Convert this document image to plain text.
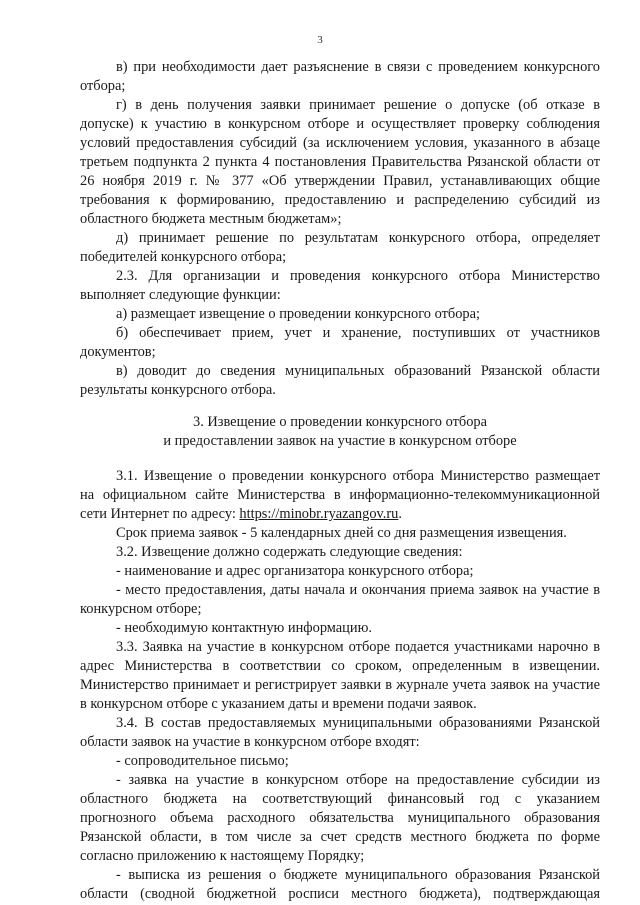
3
в) при необходимости дает разъяснение в связи с проведением конкурсного
отбора;
г) в день получения заявки принимает решение о допуске (об отказе в
допуске) к участию в конкурсном отборе и осуществляет проверку соблюдения
условий предоставления субсидий (за исключением условия, указанного в абзаце
третьем подпункта 2 пункта 4 постановления Правительства Рязанской области от
26 ноября 2019 г. № 377 «Об утверждении Правил, устанавливающих общие
требования к формированию, предоставлению и распределению субсидий из
областного бюджета местным бюджетам»;
д) принимает решение по результатам конкурсного отбора, определяет
победителей конкурсного отбора;
2.3. Для организации и проведения конкурсного отбора Министерство
выполняет следующие функции:
а) размещает извещение о проведении конкурсного отбора;
б) обеспечивает прием, учет и хранение, поступивших от участников
документов;
в) доводит до сведения муниципальных образований Рязанской области
результаты конкурсного отбора.
3. Извещение о проведении конкурсного отбора
и предоставлении заявок на участие в конкурсном отборе
3.1. Извещение о проведении конкурсного отбора Министерство размещает
на официальном сайте Министерства в информационно-телекоммуникационной
сети Интернет по адресу: https://minobr.ryazangov.ru.
Срок приема заявок - 5 календарных дней со дня размещения извещения.
3.2. Извещение должно содержать следующие сведения:
- наименование и адрес организатора конкурсного отбора;
- место предоставления, даты начала и окончания приема заявок на участие в
конкурсном отборе;
- необходимую контактную информацию.
3.3. Заявка на участие в конкурсном отборе подается участниками нарочно в
адрес Министерства в соответствии со сроком, определенным в извещении.
Министерство принимает и регистрирует заявки в журнале учета заявок на участие
в конкурсном отборе с указанием даты и времени подачи заявок.
3.4. В состав предоставляемых муниципальными образованиями Рязанской
области заявок на участие в конкурсном отборе входят:
- сопроводительное письмо;
- заявка на участие в конкурсном отборе на предоставление субсидии из
областного бюджета на соответствующий финансовый год с указанием
прогнозного объема расходного обязательства муниципального образования
Рязанской области, в том числе за счет средств местного бюджета по форме
согласно приложению к настоящему Порядку;
- выписка из решения о бюджете муниципального образования Рязанской
области (сводной бюджетной росписи местного бюджета), подтверждающая
